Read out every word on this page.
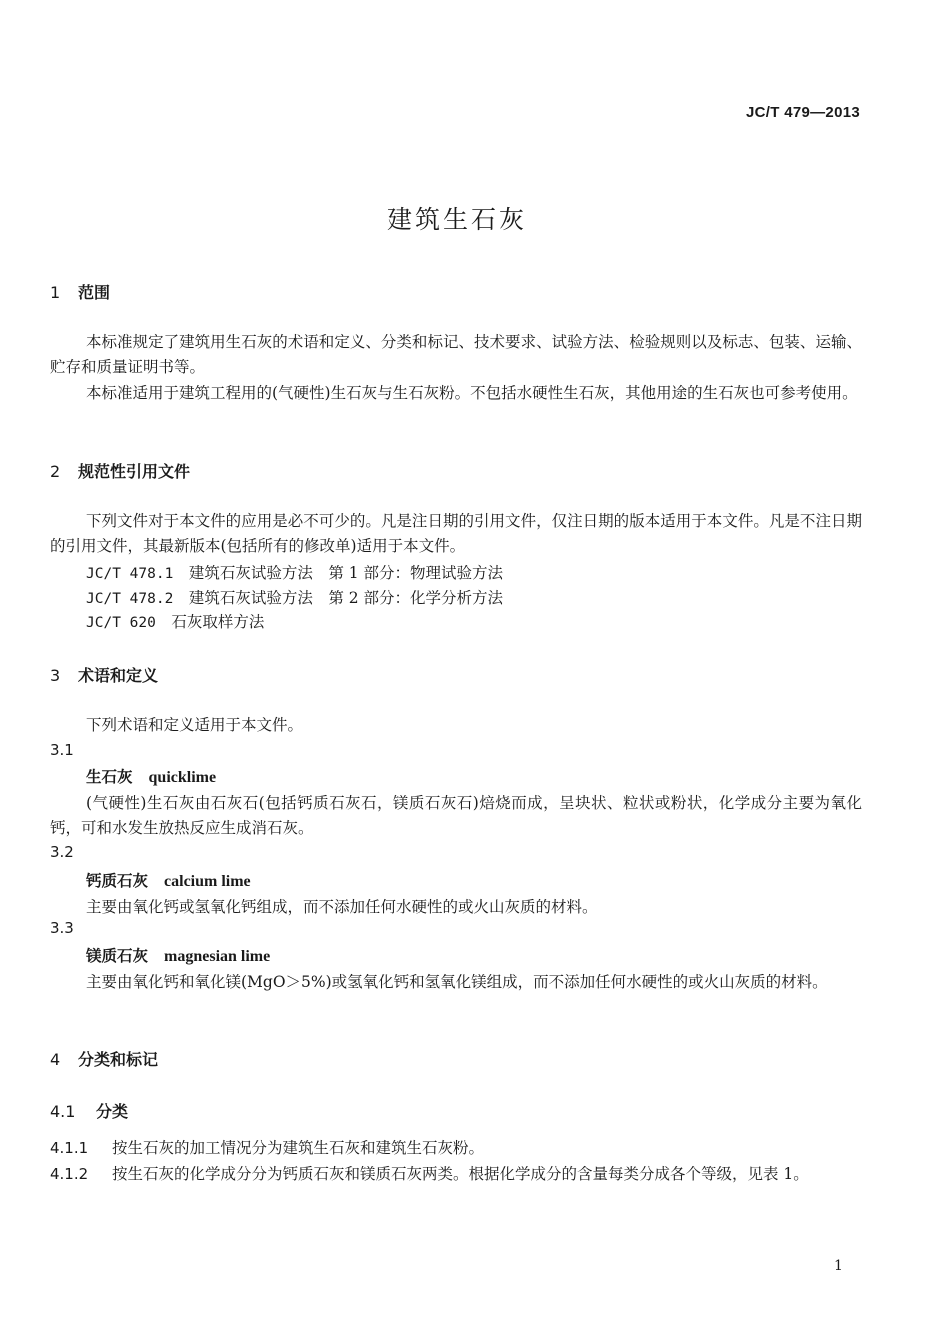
JC/T 479—2013
建筑生石灰
1 范围
本标准规定了建筑用生石灰的术语和定义、分类和标记、技术要求、试验方法、检验规则以及标志、包装、运输、贮存和质量证明书等。
本标准适用于建筑工程用的(气硬性)生石灰与生石灰粉。不包括水硬性生石灰，其他用途的生石灰也可参考使用。
2 规范性引用文件
下列文件对于本文件的应用是必不可少的。凡是注日期的引用文件，仅注日期的版本适用于本文件。凡是不注日期的引用文件，其最新版本(包括所有的修改单)适用于本文件。
JC/T 478.1　 建筑石灰试验方法　第 1 部分：物理试验方法
JC/T 478.2　 建筑石灰试验方法　第 2 部分：化学分析方法
JC/T 620　 石灰取样方法
3 术语和定义
下列术语和定义适用于本文件。
3.1
生石灰 quicklime
(气硬性)生石灰由石灰石(包括钙质石灰石，镁质石灰石)焙烧而成，呈块状、粒状或粉状，化学成分主要为氧化钙，可和水发生放热反应生成消石灰。
3.2
钙质石灰 calcium lime
主要由氧化钙或氢氧化钙组成，而不添加任何水硬性的或火山灰质的材料。
3.3
镁质石灰 magnesian lime
主要由氧化钙和氧化镁(MgO＞5%)或氢氧化钙和氢氧化镁组成，而不添加任何水硬性的或火山灰质的材料。
4 分类和标记
4.1 分类
4.1.1 按生石灰的加工情况分为建筑生石灰和建筑生石灰粉。
4.1.2 按生石灰的化学成分分为钙质石灰和镁质石灰两类。根据化学成分的含量每类分成各个等级，见表 1。
1
